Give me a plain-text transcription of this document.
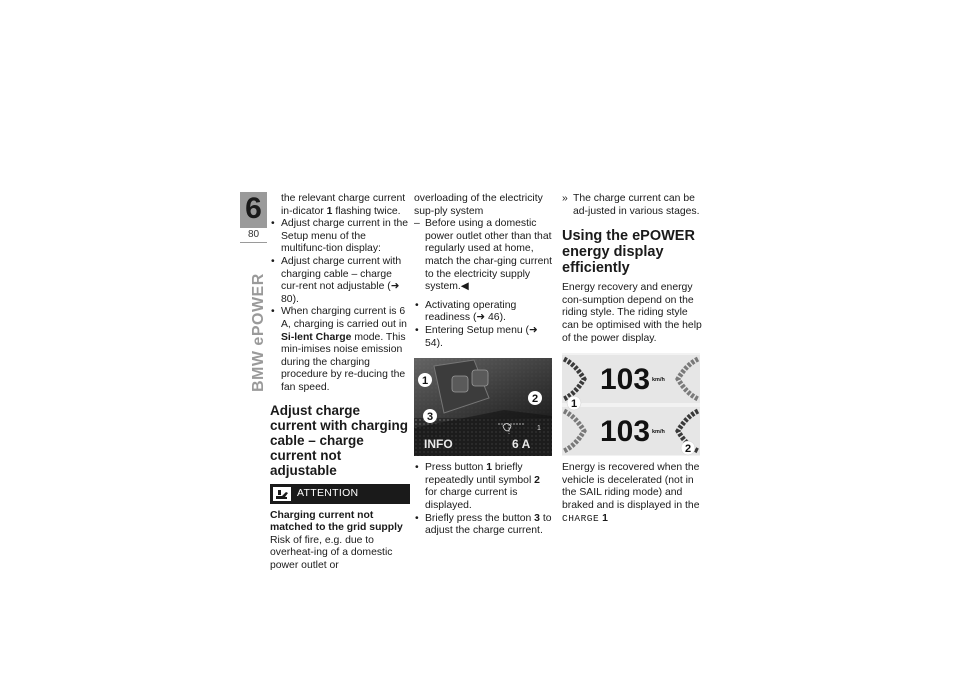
6
80
BMW ePOWER

the relevant charge current in-dicator 1 flashing twice.

• Adjust charge current in the Setup menu of the multifunc-tion display:
• Adjust charge current with charging cable – charge cur-rent not adjustable (➜ 80).
• When charging current is 6 A, charging is carried out in Si-lent Charge mode. This min-imises noise emission during the charging procedure by re-ducing the fan speed.
Adjust charge current with charging cable – charge current not adjustable
ATTENTION

Charging current not matched to the grid supply

Risk of fire, e.g. due to overheat-ing of a domestic power outlet or

overloading of the electricity sup-ply system

– Before using a domestic power outlet other than that regularly used at home, match the char-ging current to the electricity supply system.◀
• Activating operating readiness (➜ 46).
• Entering Setup menu (➜ 54).
1
1
2
3
INFO	6 A
• Press button 1 briefly repeatedly until symbol 2 for charge current is displayed.
• Briefly press the button 3 to adjust the charge current.

» The charge current can be ad-justed in various stages.

Using the ePOWER energy display efficiently

Energy recovery and energy con-sumption depend on the riding style. The riding style can be optimised with the help of the power display.

103 km/h
103 km/h
1
2

Energy is recovered when the vehicle is decelerated (not in the SAIL riding mode) and braked and is displayed in the CHARGE 1
